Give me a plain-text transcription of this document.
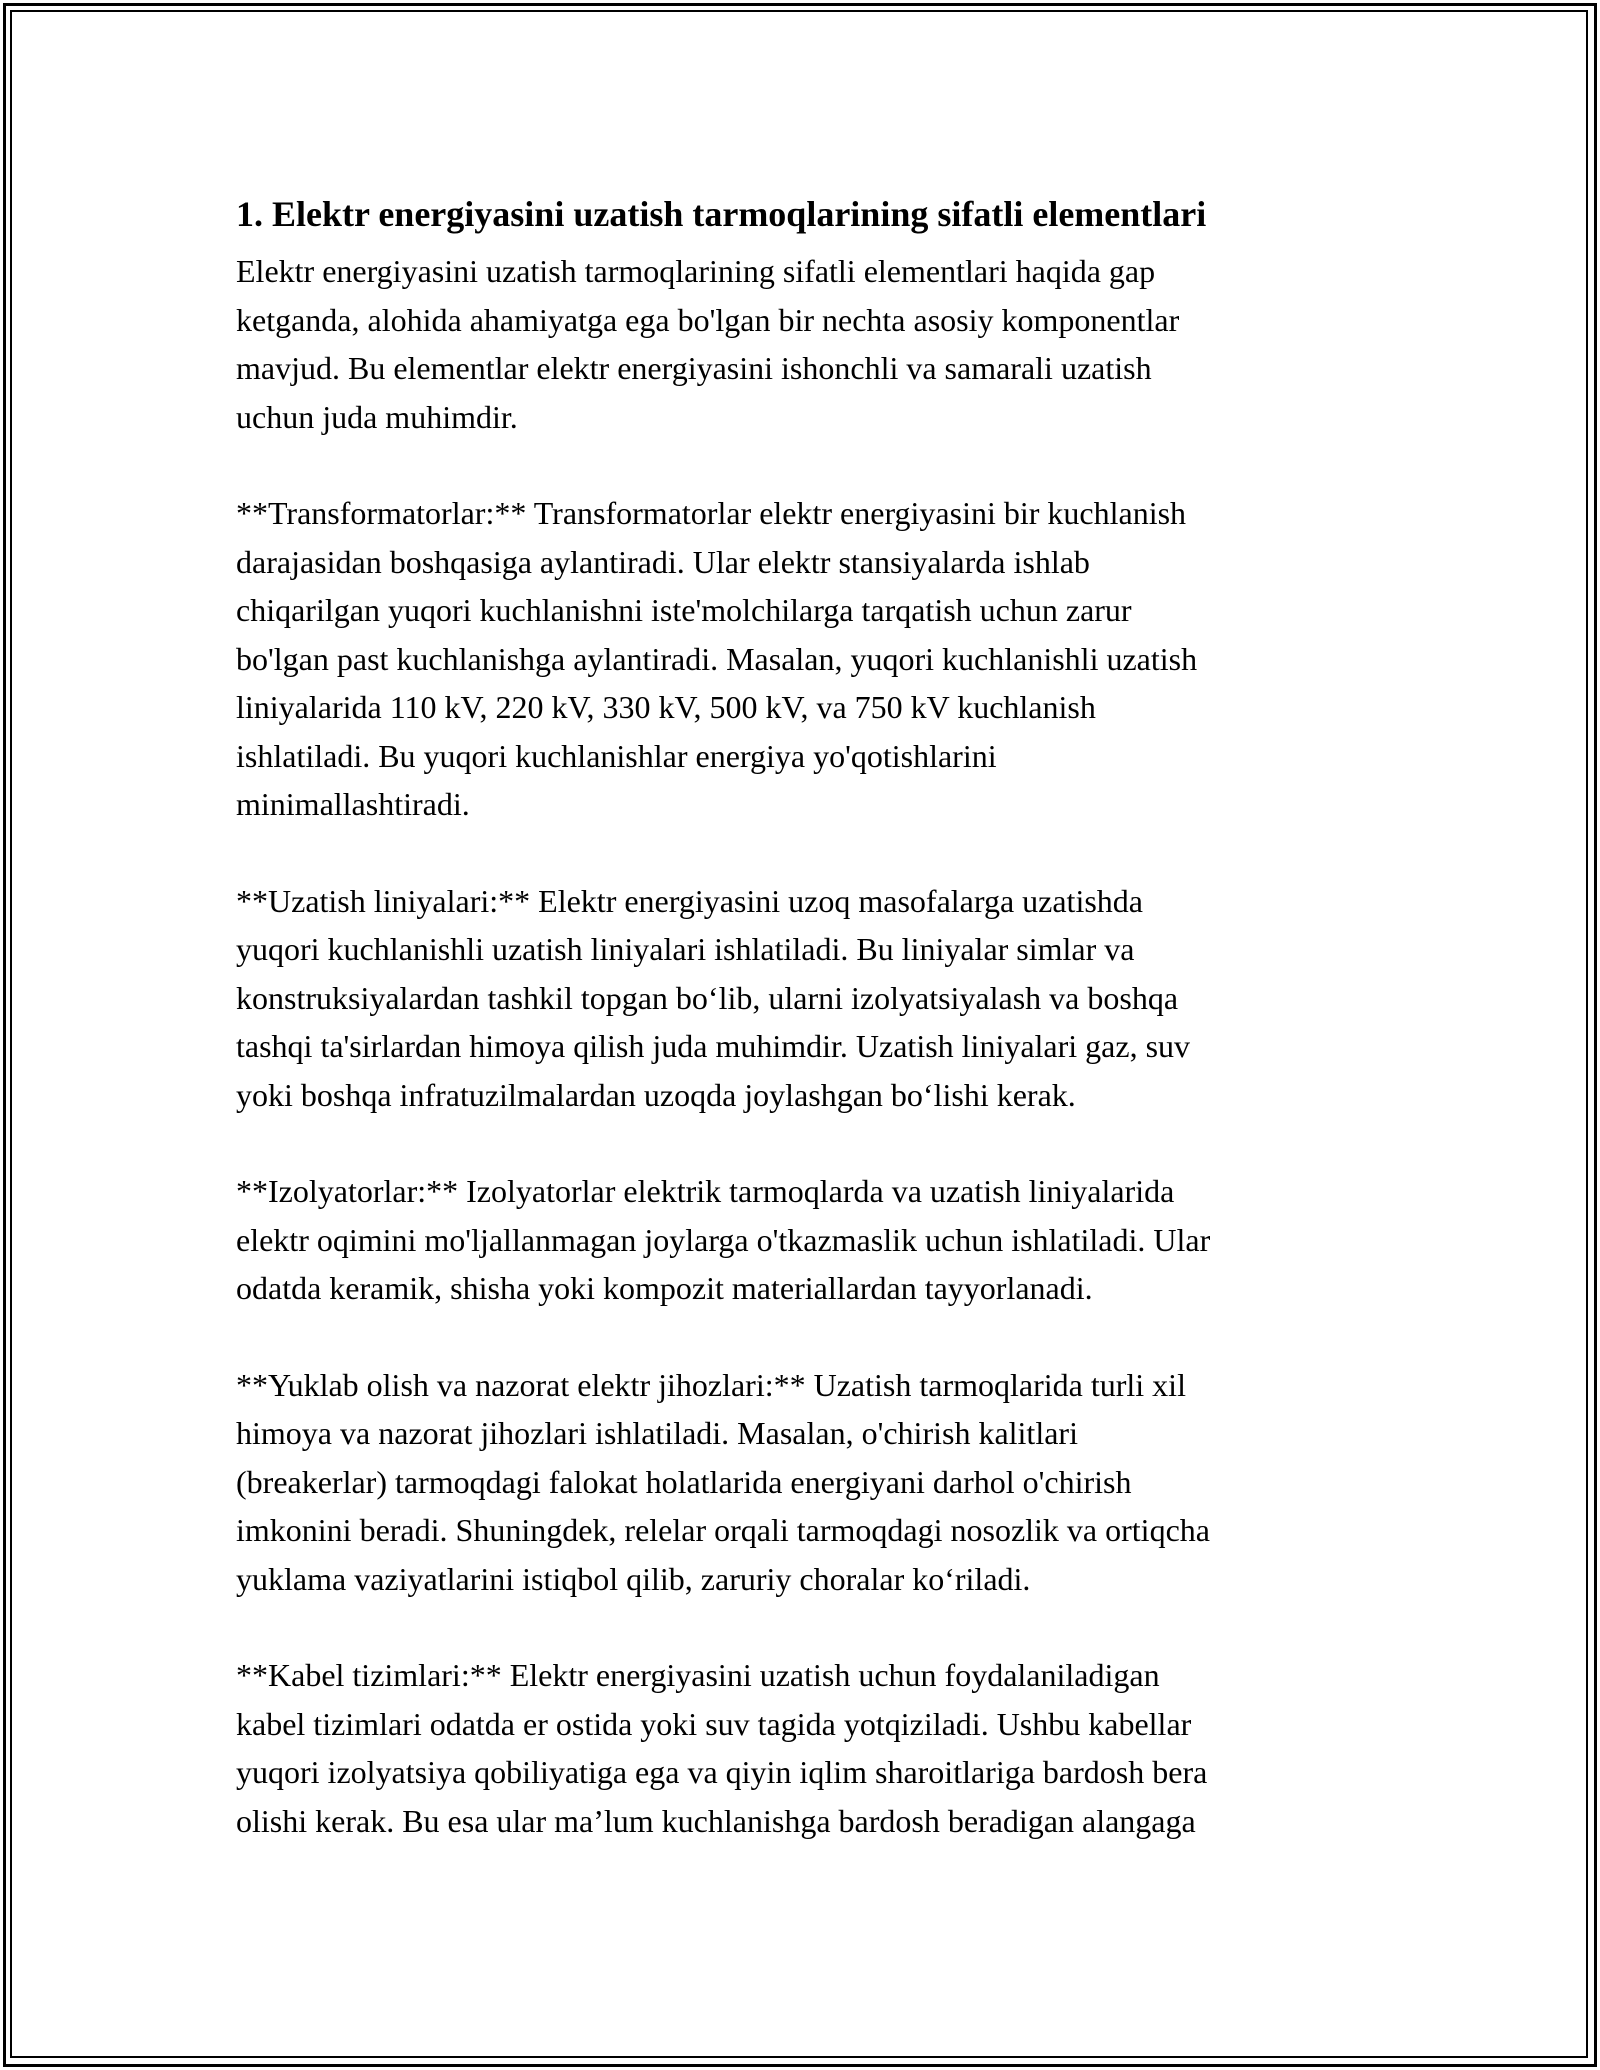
1. Elektr energiyasini uzatish tarmoqlarining sifatli elementlari
Elektr energiyasini uzatish tarmoqlarining sifatli elementlari haqida gap
ketganda, alohida ahamiyatga ega bo'lgan bir nechta asosiy komponentlar
mavjud. Bu elementlar elektr energiyasini ishonchli va samarali uzatish
uchun juda muhimdir.
**Transformatorlar:** Transformatorlar elektr energiyasini bir kuchlanish
darajasidan boshqasiga aylantiradi. Ular elektr stansiyalarda ishlab
chiqarilgan yuqori kuchlanishni iste'molchilarga tarqatish uchun zarur
bo'lgan past kuchlanishga aylantiradi. Masalan, yuqori kuchlanishli uzatish
liniyalarida 110 kV, 220 kV, 330 kV, 500 kV, va 750 kV kuchlanish
ishlatiladi. Bu yuqori kuchlanishlar energiya yo'qotishlarini
minimallashtiradi.
**Uzatish liniyalari:** Elektr energiyasini uzoq masofalarga uzatishda
yuqori kuchlanishli uzatish liniyalari ishlatiladi. Bu liniyalar simlar va
konstruksiyalardan tashkil topgan bo‘lib, ularni izolyatsiyalash va boshqa
tashqi ta'sirlardan himoya qilish juda muhimdir. Uzatish liniyalari gaz, suv
yoki boshqa infratuzilmalardan uzoqda joylashgan bo‘lishi kerak.
**Izolyatorlar:** Izolyatorlar elektrik tarmoqlarda va uzatish liniyalarida
elektr oqimini mo'ljallanmagan joylarga o'tkazmaslik uchun ishlatiladi. Ular
odatda keramik, shisha yoki kompozit materiallardan tayyorlanadi.
**Yuklab olish va nazorat elektr jihozlari:** Uzatish tarmoqlarida turli xil
himoya va nazorat jihozlari ishlatiladi. Masalan, o'chirish kalitlari
(breakerlar) tarmoqdagi falokat holatlarida energiyani darhol o'chirish
imkonini beradi. Shuningdek, relelar orqali tarmoqdagi nosozlik va ortiqcha
yuklama vaziyatlarini istiqbol qilib, zaruriy choralar ko‘riladi.
**Kabel tizimlari:** Elektr energiyasini uzatish uchun foydalaniladigan
kabel tizimlari odatda er ostida yoki suv tagida yotqiziladi. Ushbu kabellar
yuqori izolyatsiya qobiliyatiga ega va qiyin iqlim sharoitlariga bardosh bera
olishi kerak. Bu esa ular ma’lum kuchlanishga bardosh beradigan alangaga
